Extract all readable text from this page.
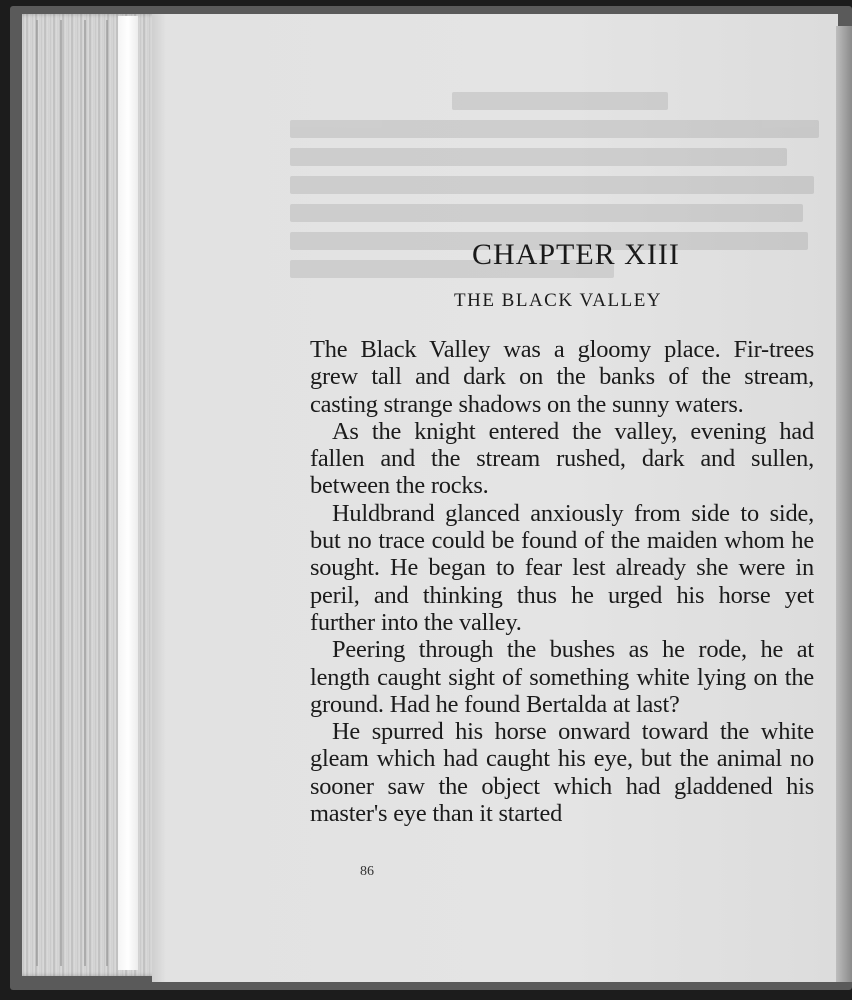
CHAPTER XIII
THE BLACK VALLEY

The Black Valley was a gloomy place. Fir-trees grew tall and dark on the banks of the stream, casting strange shadows on the sunny waters.

As the knight entered the valley, evening had fallen and the stream rushed, dark and sullen, between the rocks.

Huldbrand glanced anxiously from side to side, but no trace could be found of the maiden whom he sought. He began to fear lest already she were in peril, and thinking thus he urged his horse yet further into the valley.

Peering through the bushes as he rode, he at length caught sight of something white lying on the ground. Had he found Bertalda at last?

He spurred his horse onward toward the white gleam which had caught his eye, but the animal no sooner saw the object which had gladdened his master's eye than it started

86
